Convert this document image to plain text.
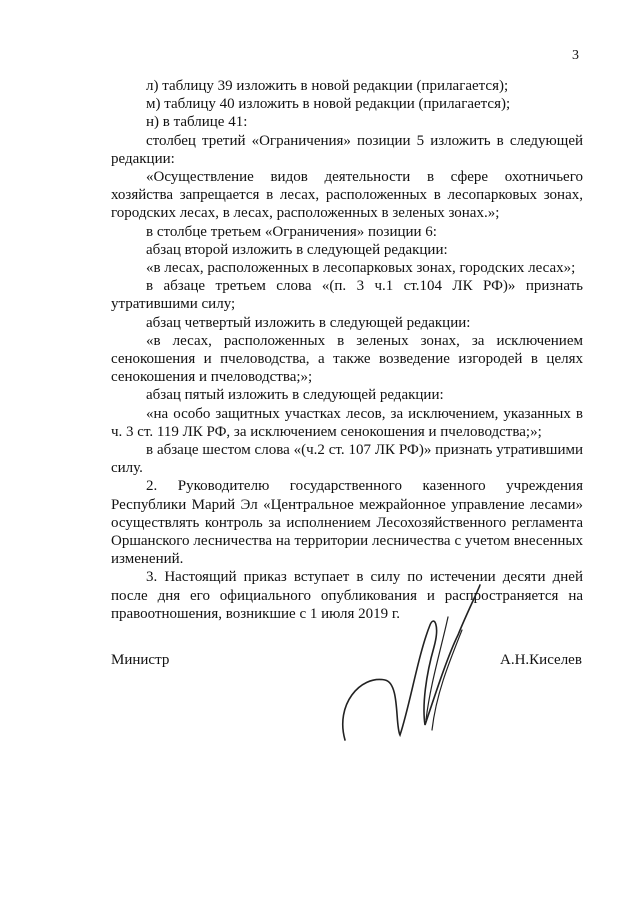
3

л) таблицу 39 изложить в новой редакции (прилагается);

м) таблицу 40 изложить в новой редакции (прилагается);

н) в таблице 41:

столбец третий «Ограничения» позиции 5 изложить в следующей редакции:

«Осуществление видов деятельности в сфере охотничьего хозяйства запрещается в лесах, расположенных в лесопарковых зонах, городских лесах, в лесах, расположенных в зеленых зонах.»;

в столбце третьем «Ограничения» позиции 6:

абзац второй изложить в следующей редакции:

«в лесах, расположенных в лесопарковых зонах, городских лесах»;

в абзаце третьем слова «(п. 3 ч.1 ст.104 ЛК РФ)» признать утратившими силу;

абзац четвертый изложить в следующей редакции:

«в лесах, расположенных в зеленых зонах, за исключением сенокошения и пчеловодства, а также возведение изгородей в целях сенокошения и пчеловодства;»;

абзац пятый изложить в следующей редакции:

«на особо защитных участках лесов, за исключением, указанных в ч. 3 ст. 119 ЛК РФ, за исключением сенокошения и пчеловодства;»;

в абзаце шестом слова «(ч.2 ст. 107 ЛК РФ)» признать утратившими силу.

2. Руководителю государственного казенного учреждения Республики Марий Эл «Центральное межрайонное управление лесами» осуществлять контроль за исполнением Лесохозяйственного регламента Оршанского лесничества на территории лесничества с учетом внесенных изменений.

3. Настоящий приказ вступает в силу по истечении десяти дней после дня его официального опубликования и распространяется на правоотношения, возникшие с 1 июля 2019 г.

Министр	А.Н.Киселев
